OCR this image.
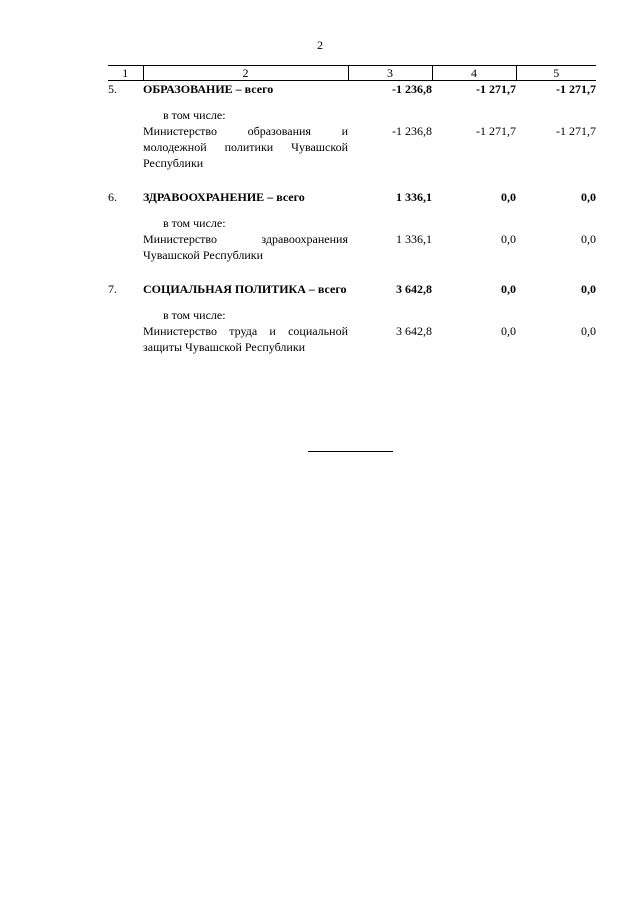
2
1	2	3	4	5
5.	ОБРАЗОВАНИЕ – всего	-1 236,8	-1 271,7	-1 271,7

	в том числе:			

	Министерство образования и молодежной политики Чувашской Республики	-1 236,8	-1 271,7	-1 271,7

6.	ЗДРАВООХРАНЕНИЕ – всего	1 336,1	0,0	0,0

	в том числе:			

	Министерство здравоохранения Чувашской Республики	1 336,1	0,0	0,0

7.	СОЦИАЛЬНАЯ ПОЛИТИКА – всего	3 642,8	0,0	0,0

	в том числе:			

	Министерство труда и социальной защиты Чувашской Республики	3 642,8	0,0	0,0
